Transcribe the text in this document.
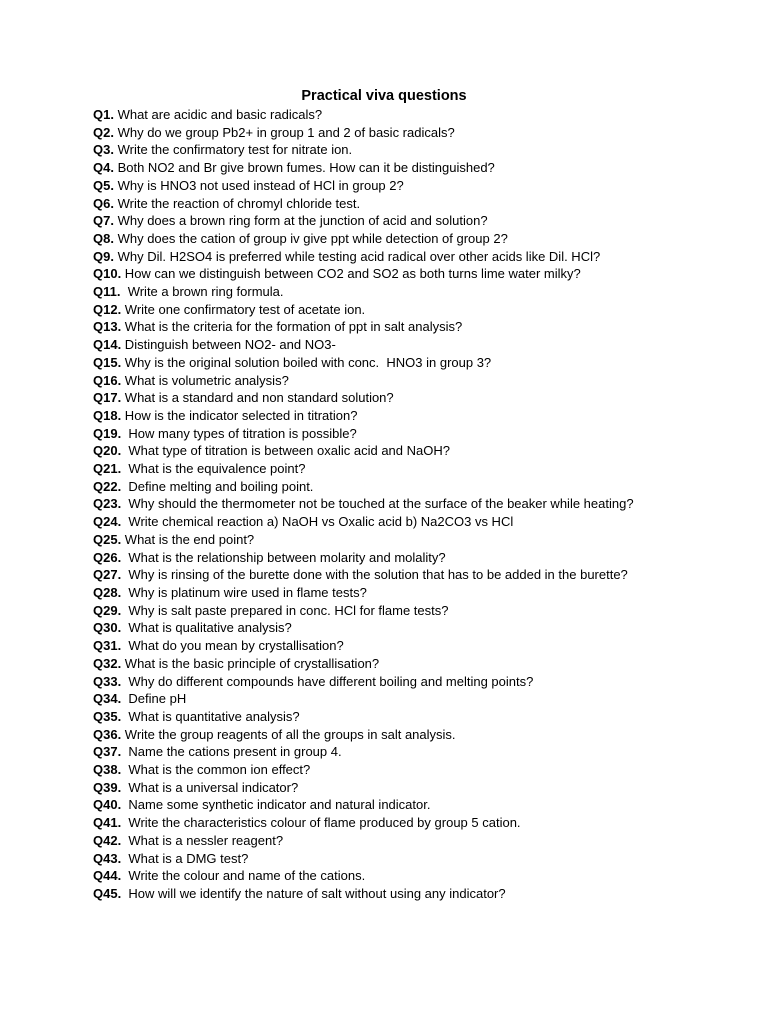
Practical viva questions
Q1. What are acidic and basic radicals?
Q2. Why do we group Pb2+ in group 1 and 2 of basic radicals?
Q3. Write the confirmatory test for nitrate ion.
Q4. Both NO2 and Br give brown fumes. How can it be distinguished?
Q5. Why is HNO3 not used instead of HCl in group 2?
Q6. Write the reaction of chromyl chloride test.
Q7. Why does a brown ring form at the junction of acid and solution?
Q8. Why does the cation of group iv give ppt while detection of group 2?
Q9. Why Dil. H2SO4 is preferred while testing acid radical over other acids like Dil. HCl?
Q10. How can we distinguish between CO2 and SO2 as both turns lime water milky?
Q11.  Write a brown ring formula.
Q12. Write one confirmatory test of acetate ion.
Q13. What is the criteria for the formation of ppt in salt analysis?
Q14. Distinguish between NO2- and NO3-
Q15. Why is the original solution boiled with conc.  HNO3 in group 3?
Q16. What is volumetric analysis?
Q17. What is a standard and non standard solution?
Q18. How is the indicator selected in titration?
Q19.  How many types of titration is possible?
Q20.  What type of titration is between oxalic acid and NaOH?
Q21.  What is the equivalence point?
Q22.  Define melting and boiling point.
Q23.  Why should the thermometer not be touched at the surface of the beaker while heating?
Q24.  Write chemical reaction a) NaOH vs Oxalic acid b) Na2CO3 vs HCl
Q25. What is the end point?
Q26.  What is the relationship between molarity and molality?
Q27.  Why is rinsing of the burette done with the solution that has to be added in the burette?
Q28.  Why is platinum wire used in flame tests?
Q29.  Why is salt paste prepared in conc. HCl for flame tests?
Q30.  What is qualitative analysis?
Q31.  What do you mean by crystallisation?
Q32. What is the basic principle of crystallisation?
Q33.  Why do different compounds have different boiling and melting points?
Q34.  Define pH
Q35.  What is quantitative analysis?
Q36. Write the group reagents of all the groups in salt analysis.
Q37.  Name the cations present in group 4.
Q38.  What is the common ion effect?
Q39.  What is a universal indicator?
Q40.  Name some synthetic indicator and natural indicator.
Q41.  Write the characteristics colour of flame produced by group 5 cation.
Q42.  What is a nessler reagent?
Q43.  What is a DMG test?
Q44.  Write the colour and name of the cations.
Q45.  How will we identify the nature of salt without using any indicator?
